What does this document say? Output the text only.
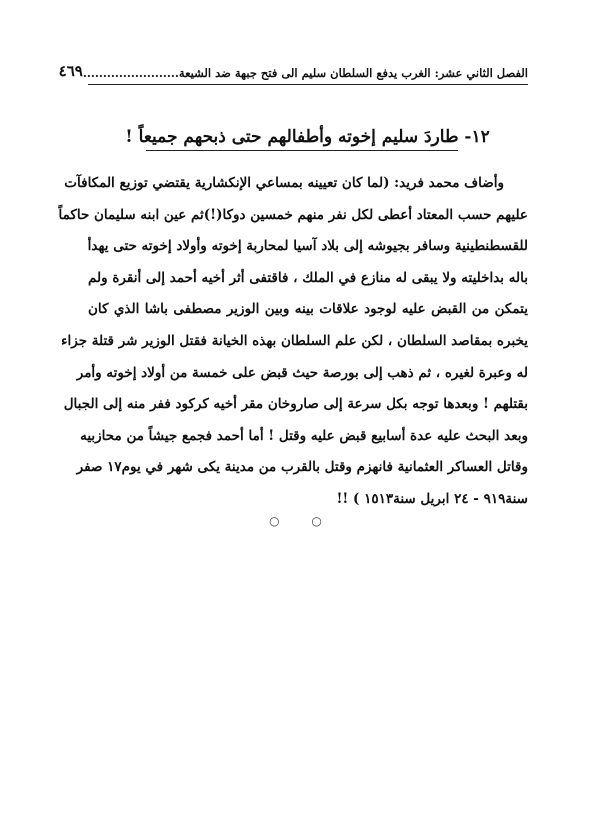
الفصل الثاني عشر: الغرب يدفع السلطان سليم الى فتح جبهة ضد الشيعة........................
٤٦٩
١٢- طاردَ سليم إخوته وأطفالهم حتى ذبحهم جميعاً !
وأضاف محمد فريد: (لما كان تعيينه بمساعي الإنكشارية يقتضي توزيع المكافآت
عليهم حسب المعتاد أعطى لكل نفر منهم خمسين دوكا(!)ثم عين ابنه سليمان حاكماً
للقسطنطينية وسافر بجيوشه إلى بلاد آسيا لمحاربة إخوته وأولاد إخوته حتى يهدأ
باله بداخليته ولا يبقى له منازع في الملك ، فاقتفى أثر أخيه أحمد إلى أنقرة ولم
يتمكن من القبض عليه لوجود علاقات بينه وبين الوزير مصطفى باشا الذي كان
يخبره بمقاصد السلطان ، لكن علم السلطان بهذه الخيانة فقتل الوزير شر قتلة جزاء
له وعبرة لغيره ، ثم ذهب إلى بورصة حيث قبض على خمسة من أولاد إخوته وأمر
بقتلهم ! وبعدها توجه بكل سرعة إلى صاروخان مقر أخيه كركود ففر منه إلى الجبال
وبعد البحث عليه عدة أسابيع قبض عليه وقتل ! أما أحمد فجمع جيشاً من محازبيه
وقاتل العساكر العثمانية فانهزم وقتل بالقرب من مدينة يكى شهر في يوم١٧ صفر
سنة٩١٩ - ٢٤ ابريل سنة١٥١٣ ) !!
○ ○
